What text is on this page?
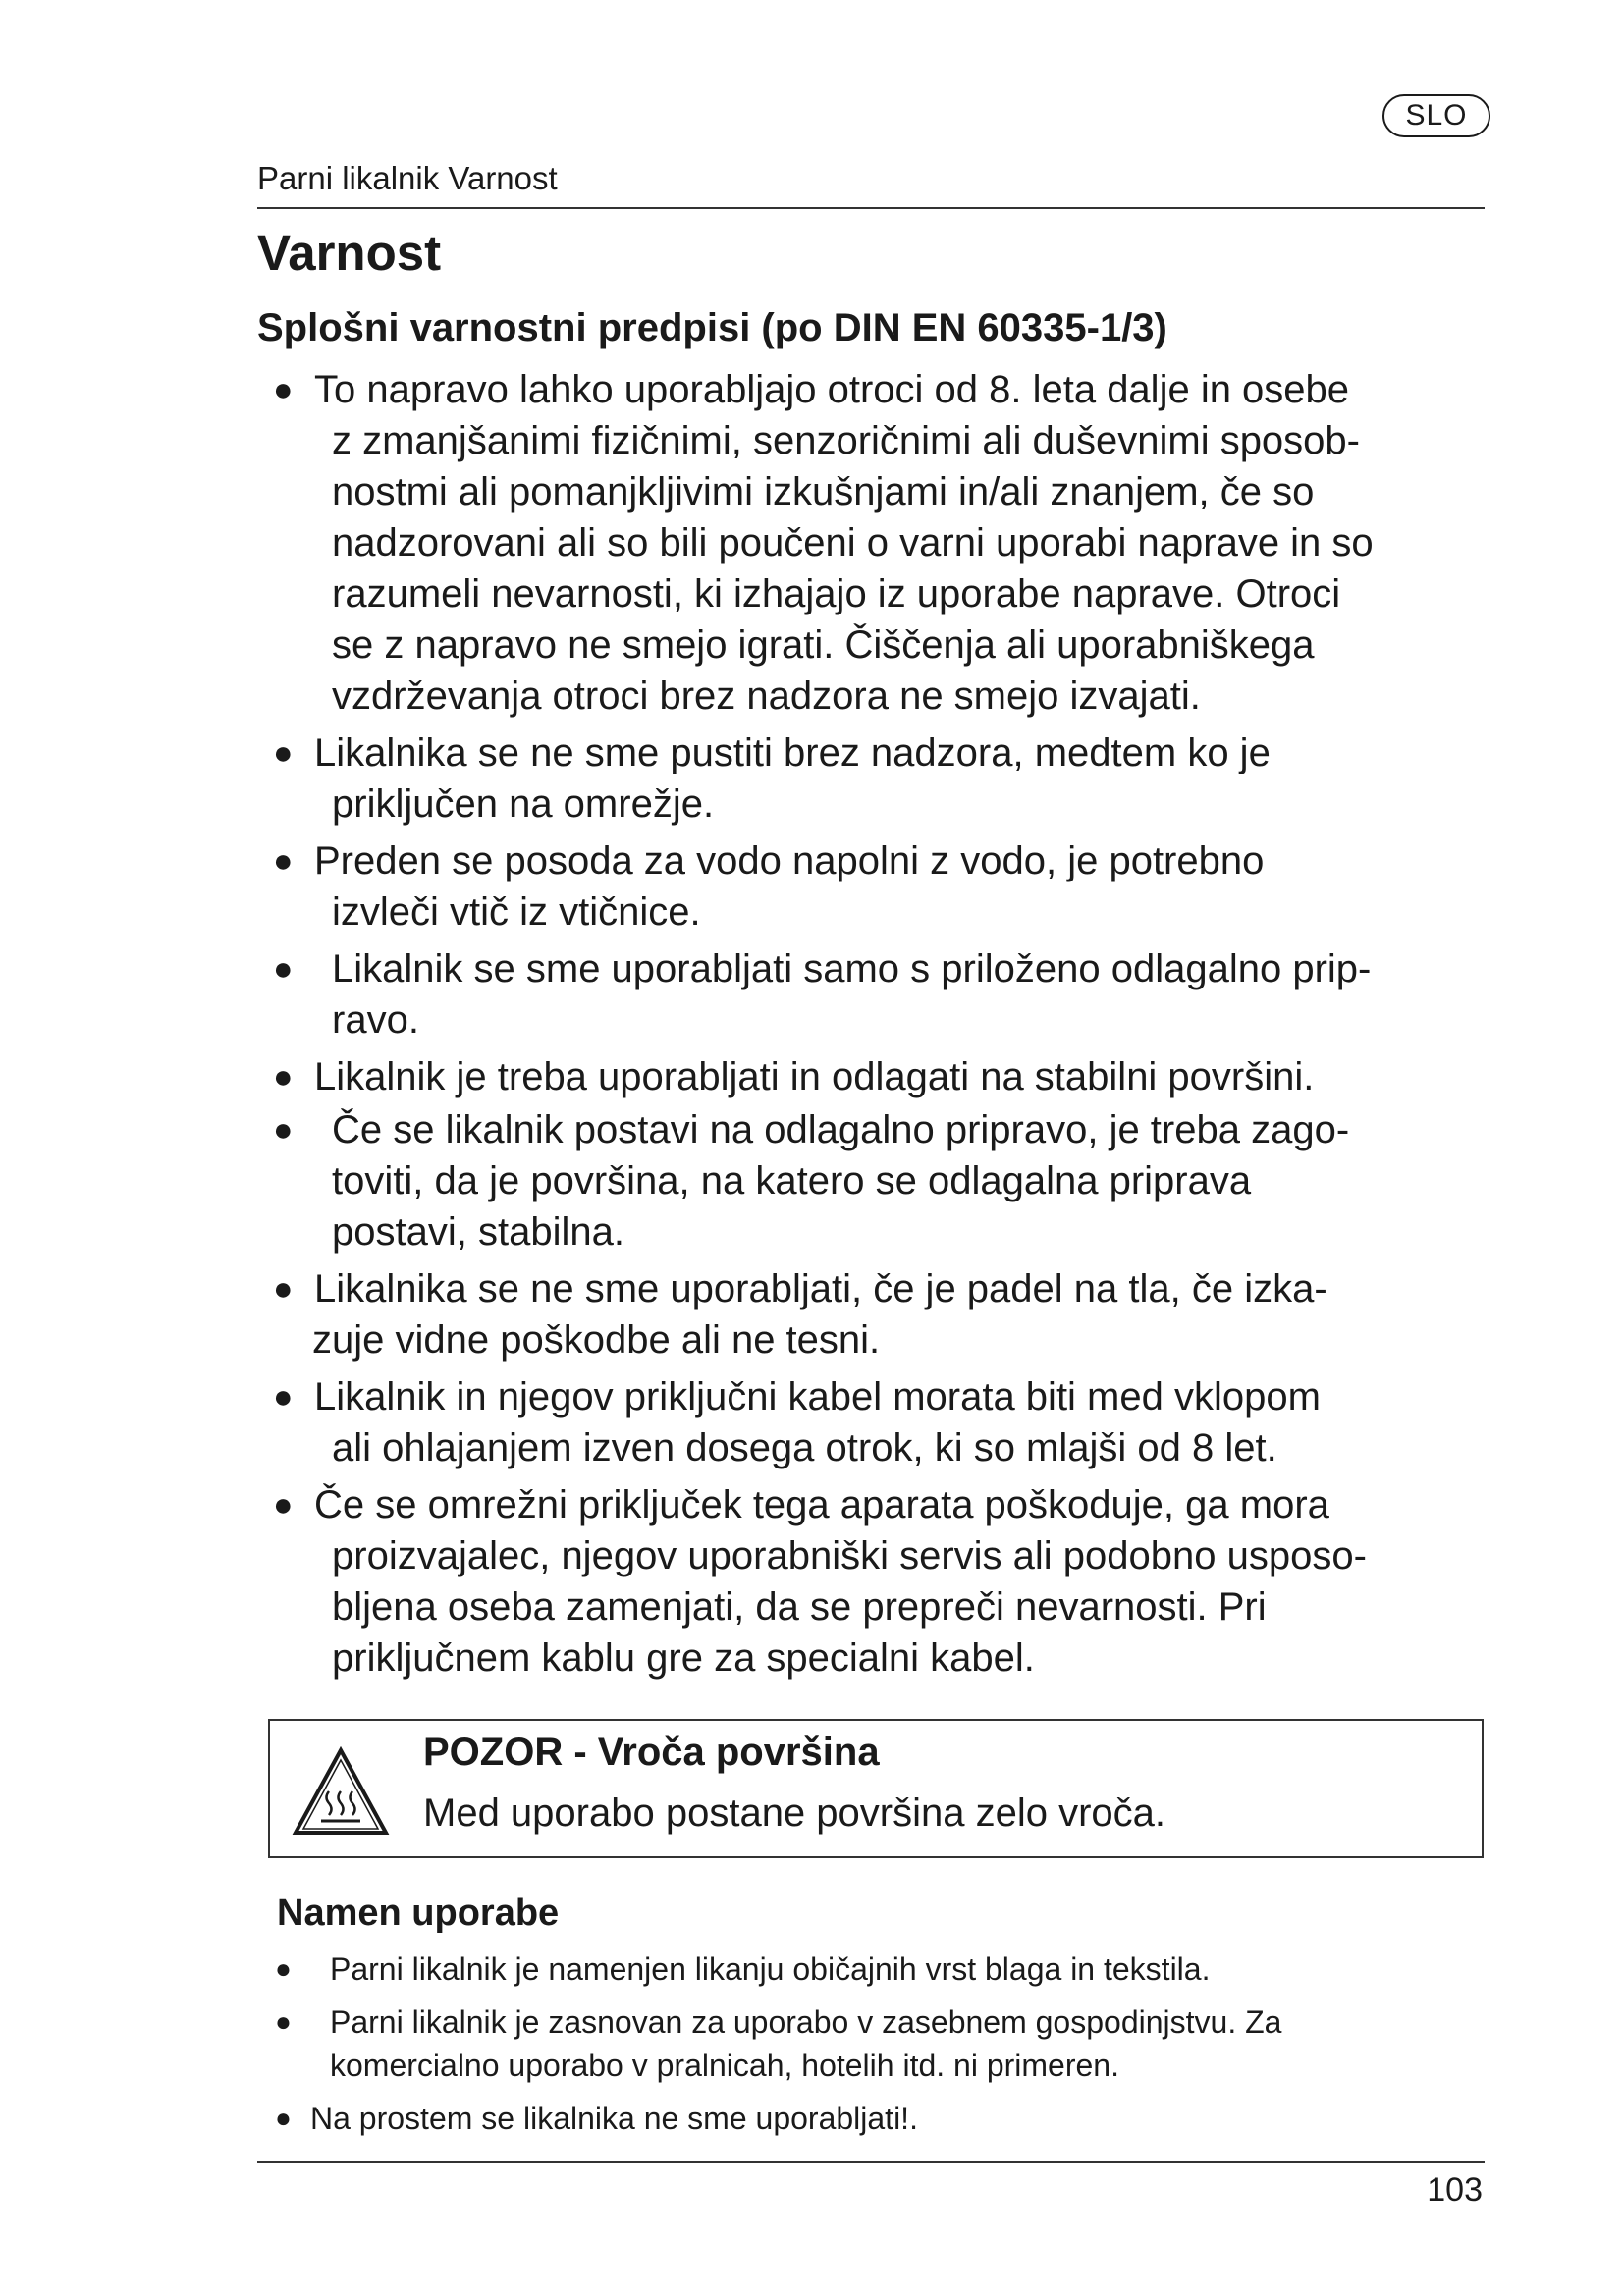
SLO
Parni likalnik Varnost
Varnost
Splošni varnostni predpisi (po DIN EN 60335-1/3)
● To napravo lahko uporabljajo otroci od 8. leta dalje in osebe
z zmanjšanimi fizičnimi, senzoričnimi ali duševnimi sposob-
nostmi ali pomanjkljivimi izkušnjami in/ali znanjem, če so
nadzorovani ali so bili poučeni o varni uporabi naprave in so
razumeli nevarnosti, ki izhajajo iz uporabe naprave. Otroci
se z napravo ne smejo igrati. Čiščenja ali uporabniškega
vzdrževanja otroci brez nadzora ne smejo izvajati.
● Likalnika se ne sme pustiti brez nadzora, medtem ko je
priključen na omrežje.
● Preden se posoda za vodo napolni z vodo, je potrebno
izvleči vtič iz vtičnice.
● Likalnik se sme uporabljati samo s priloženo odlagalno prip-
ravo.
● Likalnik je treba uporabljati in odlagati na stabilni površini.
● Če se likalnik postavi na odlagalno pripravo, je treba zago-
toviti, da je površina, na katero se odlagalna priprava
postavi, stabilna.
● Likalnika se ne sme uporabljati, če je padel na tla, če izka-
zuje vidne poškodbe ali ne tesni.
● Likalnik in njegov priključni kabel morata biti med vklopom
ali ohlajanjem izven dosega otrok, ki so mlajši od 8 let.
● Če se omrežni priključek tega aparata poškoduje, ga mora
proizvajalec, njegov uporabniški servis ali podobno usposo-
bljena oseba zamenjati, da se prepreči nevarnosti. Pri
priključnem kablu gre za specialni kabel.
POZOR - Vroča površina
Med uporabo postane površina zelo vroča.
Namen uporabe
● Parni likalnik je namenjen likanju običajnih vrst blaga in tekstila.
● Parni likalnik je zasnovan za uporabo v zasebnem gospodinjstvu. Za
komercialno uporabo v pralnicah, hotelih itd. ni primeren.
● Na prostem se likalnika ne sme uporabljati!.
103
